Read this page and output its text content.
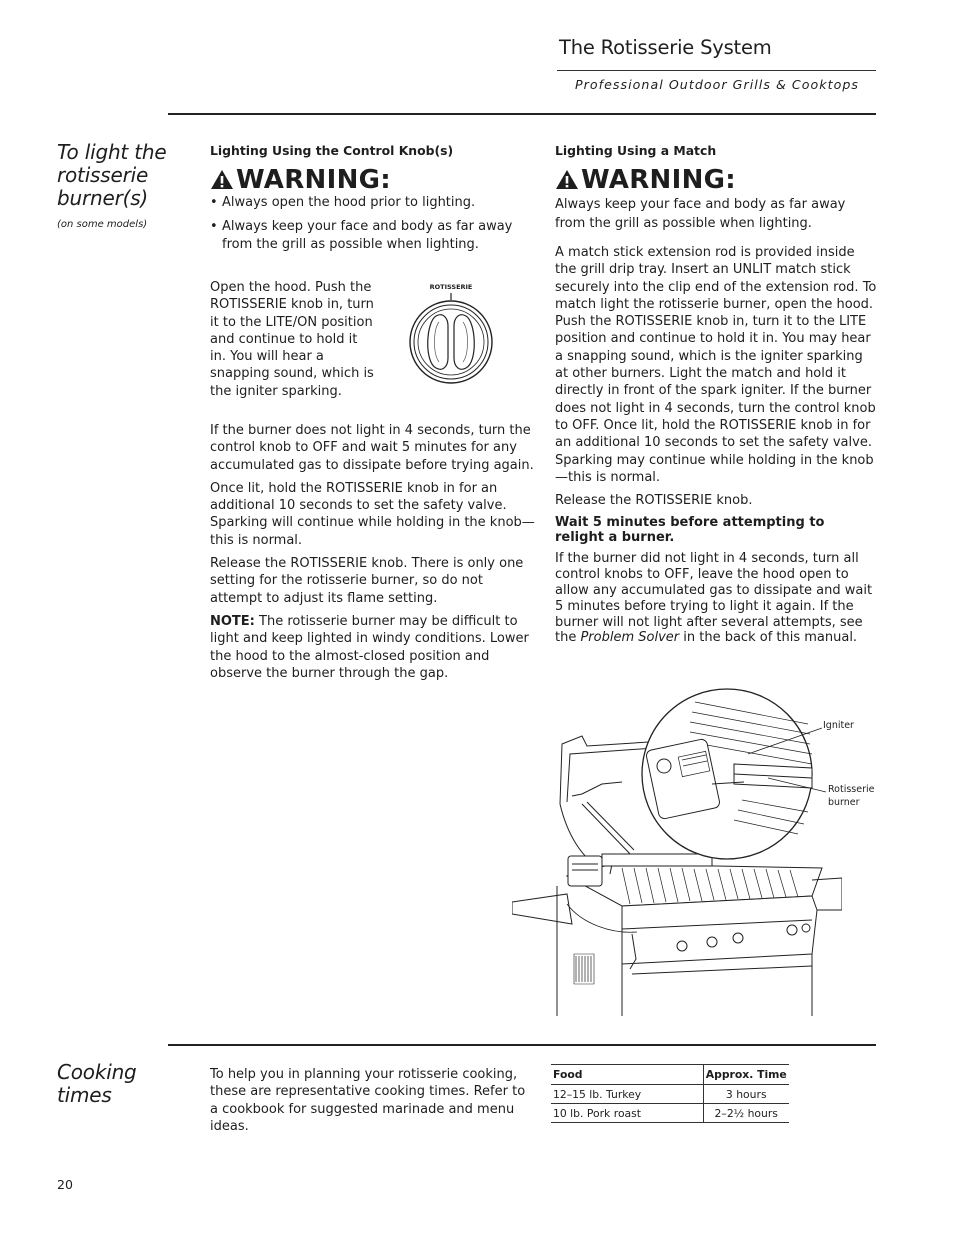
The Rotisserie System
Professional Outdoor Grills & Cooktops
To light the rotisserie burner(s)
(on some models)
Lighting Using the Control Knob(s)
WARNING:
• Always open the hood prior to lighting.
• Always keep your face and body as far away from the grill as possible when lighting.
Open the hood. Push the ROTISSERIE knob in, turn it to the LITE/ON position and continue to hold it in. You will hear a snapping sound, which is the igniter sparking.
ROTISSERIE
If the burner does not light in 4 seconds, turn the control knob to OFF and wait 5 minutes for any accumulated gas to dissipate before trying again.
Once lit, hold the ROTISSERIE knob in for an additional 10 seconds to set the safety valve. Sparking will continue while holding in the knob—this is normal.
Release the ROTISSERIE knob. There is only one setting for the rotisserie burner, so do not attempt to adjust its flame setting.
NOTE: The rotisserie burner may be difficult to light and keep lighted in windy conditions. Lower the hood to the almost-closed position and observe the burner through the gap.
Lighting Using a Match
WARNING:
Always keep your face and body as far away from the grill as possible when lighting.
A match stick extension rod is provided inside the grill drip tray. Insert an UNLIT match stick securely into the clip end of the extension rod. To match light the rotisserie burner, open the hood. Push the ROTISSERIE knob in, turn it to the LITE position and continue to hold it in. You may hear a snapping sound, which is the igniter sparking at other burners. Light the match and hold it directly in front of the spark igniter. If the burner does not light in 4 seconds, turn the control knob to OFF. Once lit, hold the ROTISSERIE knob in for an additional 10 seconds to set the safety valve. Sparking may continue while holding in the knob—this is normal.
Release the ROTISSERIE knob.
Wait 5 minutes before attempting to relight a burner.
If the burner did not light in 4 seconds, turn all control knobs to OFF, leave the hood open to allow any accumulated gas to dissipate and wait 5 minutes before trying to light it again. If the burner will not light after several attempts, see the Problem Solver in the back of this manual.
Igniter
Rotisserie burner
Cooking times
To help you in planning your rotisserie cooking, these are representative cooking times. Refer to a cookbook for suggested marinade and menu ideas.
Food	Approx. Time
12–15 lb. Turkey	3 hours
10 lb. Pork roast	2–2½ hours
20
